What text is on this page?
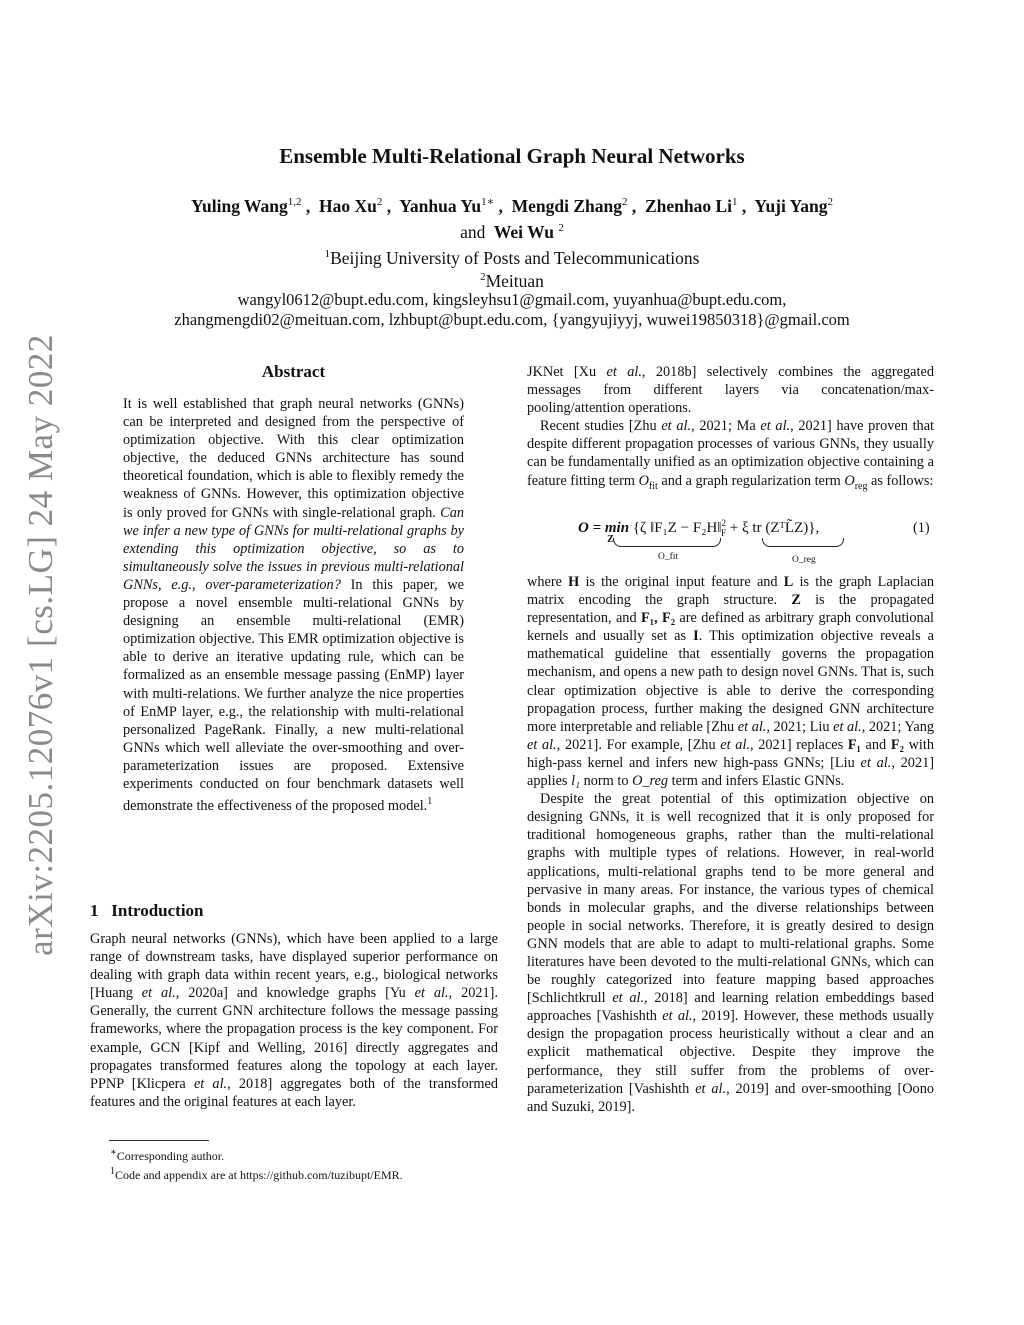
arXiv:2205.12076v1 [cs.LG] 24 May 2022
Ensemble Multi-Relational Graph Neural Networks
Yuling Wang$^{1,2}$ ,  Hao Xu$^2$ ,  Yanhua $Yu^{1∗}$ ,  Mengdi Zhang$^2$ ,  Zhenhao Li$^1$ ,  Yuji Yang$^2$
and Wei Wu $^2$
$^1$Beijing University of Posts and Telecommunications
$^2$Meituan
wangyl0612@bupt.edu.com, kingsleyhsu1@gmail.com, yuyanhua@bupt.edu.com,
zhangmengdi02@meituan.com, lzhbupt@bupt.edu.com, {yangyujiyyj, wuwei19850318}@gmail.com
Abstract
It is well established that graph neural networks (GNNs) can be interpreted and designed from the perspective of optimization objective. With this clear optimization objective, the deduced GNNs architecture has sound theoretical foundation, which is able to flexibly remedy the weakness of GNNs. However, this optimization objective is only proved for GNNs with single-relational graph. Can we infer a new type of GNNs for multi-relational graphs by extending this optimization objective, so as to simultaneously solve the issues in previous multi-relational GNNs, e.g., over-parameterization? In this paper, we propose a novel ensemble multi-relational GNNs by designing an ensemble multi-relational (EMR) optimization objective. This EMR optimization objective is able to derive an iterative updating rule, which can be formalized as an ensemble message passing (EnMP) layer with multi-relations. We further analyze the nice properties of EnMP layer, e.g., the relationship with multi-relational personalized PageRank. Finally, a new multi-relational GNNs which well alleviate the over-smoothing and over-parameterization issues are proposed. Extensive experiments conducted on four benchmark datasets well demonstrate the effectiveness of the proposed model.$^1$
1 Introduction
Graph neural networks (GNNs), which have been applied to a large range of downstream tasks, have displayed superior performance on dealing with graph data within recent years, e.g., biological networks [Huang et al., 2020a] and knowledge graphs [Yu et al., 2021]. Generally, the current GNN architecture follows the message passing frameworks, where the propagation process is the key component. For example, GCN [Kipf and Welling, 2016] directly aggregates and propagates transformed features along the topology at each layer. PPNP [Klicpera et al., 2018] aggregates both of the transformed features and the original features at each layer.
∗Corresponding author.
$^1$Code and appendix are at https://github.com/tuzibupt/EMR.

JKNet [Xu et al., 2018b] selectively combines the aggregated messages from different layers via concatenation/max-pooling/attention operations.

Recent studies [Zhu et al., 2021; Ma et al., 2021] have proven that despite different propagation processes of various GNNs, they usually can be fundamentally unified as an optimization objective containing a feature fitting term $O_{fit}$ and a graph regularization term $O_{reg}$ as follows:

O = min
Z
{ζ ‖F₁Z − F₂H‖$^2_F$ + ξ tr (ZᵀL̃Z)},
O_fit	O_reg
(1)

where H is the original input feature and L is the graph Laplacian matrix encoding the graph structure. Z is the propagated representation, and F₁, F₂ are defined as arbitrary graph convolutional kernels and usually set as I. This optimization objective reveals a mathematical guideline that essentially governs the propagation mechanism, and opens a new path to design novel GNNs. That is, such clear optimization objective is able to derive the corresponding propagation process, further making the designed GNN architecture more interpretable and reliable [Zhu et al., 2021; Liu et al., 2021; Yang et al., 2021]. For example, [Zhu et al., 2021] replaces F₁ and F₂ with high-pass kernel and infers new high-pass GNNs; [Liu et al., 2021] applies l₁ norm to O_reg term and infers Elastic GNNs.

Despite the great potential of this optimization objective on designing GNNs, it is well recognized that it is only proposed for traditional homogeneous graphs, rather than the multi-relational graphs with multiple types of relations. However, in real-world applications, multi-relational graphs tend to be more general and pervasive in many areas. For instance, the various types of chemical bonds in molecular graphs, and the diverse relationships between people in social networks. Therefore, it is greatly desired to design GNN models that are able to adapt to multi-relational graphs. Some literatures have been devoted to the multi-relational GNNs, which can be roughly categorized into feature mapping based approaches [Schlichtkrull et al., 2018] and learning relation embeddings based approaches [Vashishth et al., 2019]. However, these methods usually design the propagation process heuristically without a clear and an explicit mathematical objective. Despite they improve the performance, they still suffer from the problems of over-parameterization [Vashishth et al., 2019] and over-smoothing [Oono and Suzuki, 2019].
